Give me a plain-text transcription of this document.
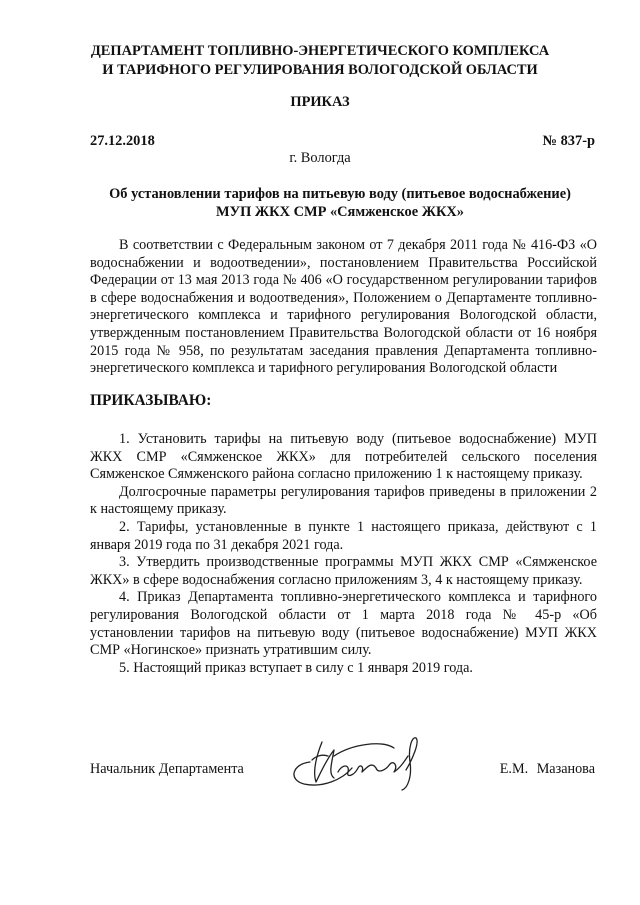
ДЕПАРТАМЕНТ ТОПЛИВНО-ЭНЕРГЕТИЧЕСКОГО КОМПЛЕКСА
И ТАРИФНОГО РЕГУЛИРОВАНИЯ ВОЛОГОДСКОЙ ОБЛАСТИ
ПРИКАЗ
27.12.2018	№ 837-р
г. Вологда
Об установлении тарифов на питьевую воду (питьевое водоснабжение)
МУП ЖКХ СМР «Сямженское ЖКХ»

В соответствии с Федеральным законом от 7 декабря 2011 года № 416-ФЗ «О водоснабжении и водоотведении», постановлением Правительства Российской Федерации от 13 мая 2013 года № 406 «О государственном регулировании тарифов в сфере водоснабжения и водоотведения», Положением о Департаменте топливно-энергетического комплекса и тарифного регулирования Вологодской области, утвержденным постановлением Правительства Вологодской области от 16 ноября 2015 года № 958, по результатам заседания правления Департамента топливно-энергетического комплекса и тарифного регулирования Вологодской области

ПРИКАЗЫВАЮ:

1. Установить тарифы на питьевую воду (питьевое водоснабжение) МУП ЖКХ СМР «Сямженское ЖКХ» для потребителей сельского поселения Сямженское Сямженского района согласно приложению 1 к настоящему приказу.

Долгосрочные параметры регулирования тарифов приведены в приложении 2 к настоящему приказу.

2. Тарифы, установленные в пункте 1 настоящего приказа, действуют с 1 января 2019 года по 31 декабря 2021 года.

3. Утвердить производственные программы МУП ЖКХ СМР «Сямженское ЖКХ» в сфере водоснабжения согласно приложениям 3, 4 к настоящему приказу.

4. Приказ Департамента топливно-энергетического комплекса и тарифного регулирования Вологодской области от 1 марта 2018 года № 45-р «Об установлении тарифов на питьевую воду (питьевое водоснабжение) МУП ЖКХ СМР «Ногинское» признать утратившим силу.

5. Настоящий приказ вступает в силу с 1 января 2019 года.

Начальник Департамента	Е.М. Мазанова
